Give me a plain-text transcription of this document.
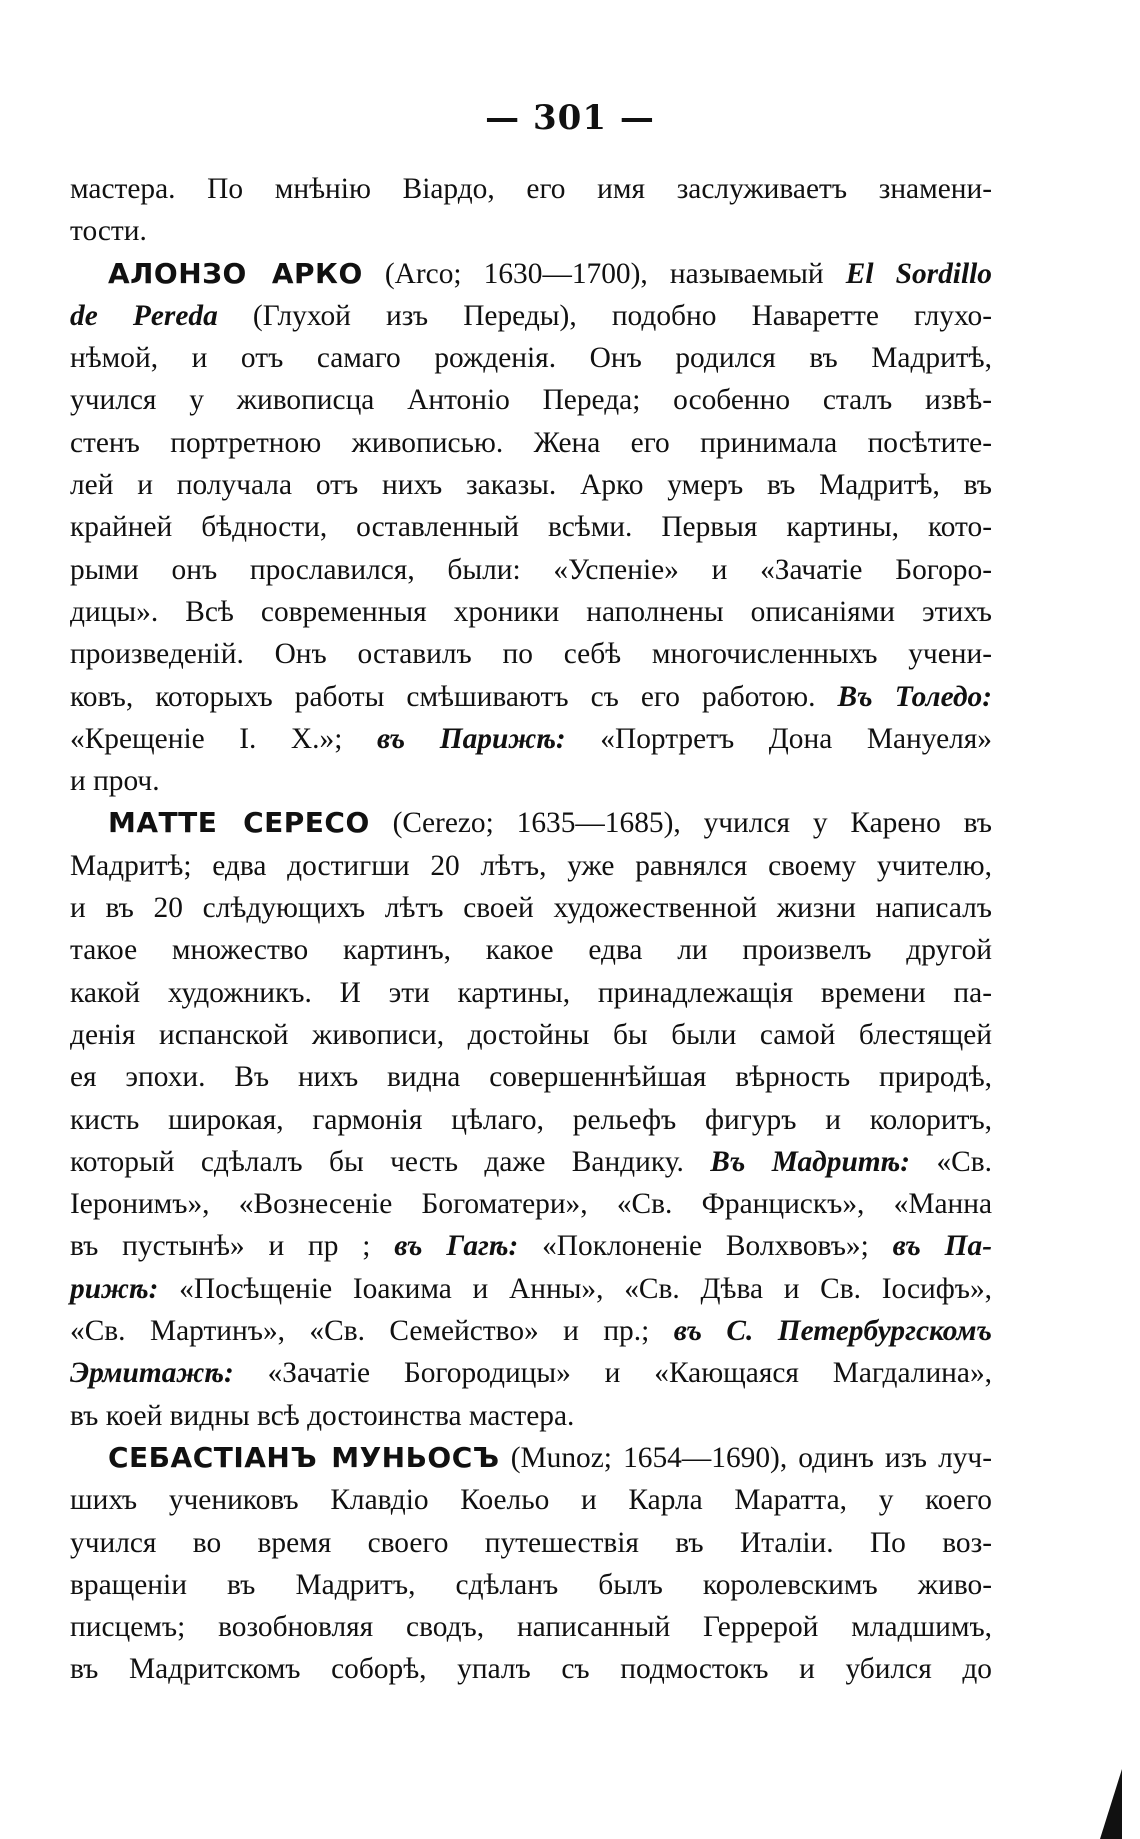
— 301 —
мастера. По мнѣнію Віардо, его имя заслуживаетъ знамени-
тости.
АЛОНЗО АРКО (Arco; 1630—1700), называемый El Sordillo
de Pereda (Глухой изъ Переды), подобно Наваретте глухо-
нѣмой, и отъ самаго рожденія. Онъ родился въ Мадритѣ,
учился у живописца Антоніо Переда; особенно сталъ извѣ-
стенъ портретною живописью. Жена его принимала посѣтите-
лей и получала отъ нихъ заказы. Арко умеръ въ Мадритѣ, въ
крайней бѣдности, оставленный всѣми. Первыя картины, кото-
рыми онъ прославился, были: «Успеніе» и «Зачатіе Богоро-
дицы». Всѣ современныя хроники наполнены описаніями этихъ
произведеній. Онъ оставилъ по себѣ многочисленныхъ учени-
ковъ, которыхъ работы смѣшиваютъ съ его работою. Въ Толедо:
«Крещеніе І. Х.»; въ Парижѣ: «Портретъ Дона Мануеля»
и проч.
МАТТЕ СЕРЕСО (Cerezo; 1635—1685), учился у Карено въ
Мадритѣ; едва достигши 20 лѣтъ, уже равнялся своему учителю,
и въ 20 слѣдующихъ лѣтъ своей художественной жизни написалъ
такое множество картинъ, какое едва ли произвелъ другой
какой художникъ. И эти картины, принадлежащія времени па-
денія испанской живописи, достойны бы были самой блестящей
ея эпохи. Въ нихъ видна совершеннѣйшая вѣрность природѣ,
кисть широкая, гармонія цѣлаго, рельефъ фигуръ и колоритъ,
который сдѣлалъ бы честь даже Вандику. Въ Мадритѣ: «Св.
Іеронимъ», «Вознесеніе Богоматери», «Св. Францискъ», «Манна
въ пустынѣ» и пр ; въ Гагѣ: «Поклоненіе Волхвовъ»; въ Па-
рижѣ: «Посѣщеніе Іоакима и Анны», «Св. Дѣва и Св. Іосифъ»,
«Св. Мартинъ», «Св. Семейство» и пр.; въ С. Петербургскомъ
Эрмитажѣ: «Зачатіе Богородицы» и «Кающаяся Магдалина»,
въ коей видны всѣ достоинства мастера.
СЕБАСТІАНЪ МУНЬОСЪ (Munoz; 1654—1690), одинъ изъ луч-
шихъ учениковъ Клавдіо Коельо и Карла Маратта, у коего
учился во время своего путешествія въ Италіи. По воз-
вращеніи въ Мадритъ, сдѣланъ былъ королевскимъ живо-
писцемъ; возобновляя сводъ, написанный Геррерой младшимъ,
въ Мадритскомъ соборѣ, упалъ съ подмостокъ и убился до
